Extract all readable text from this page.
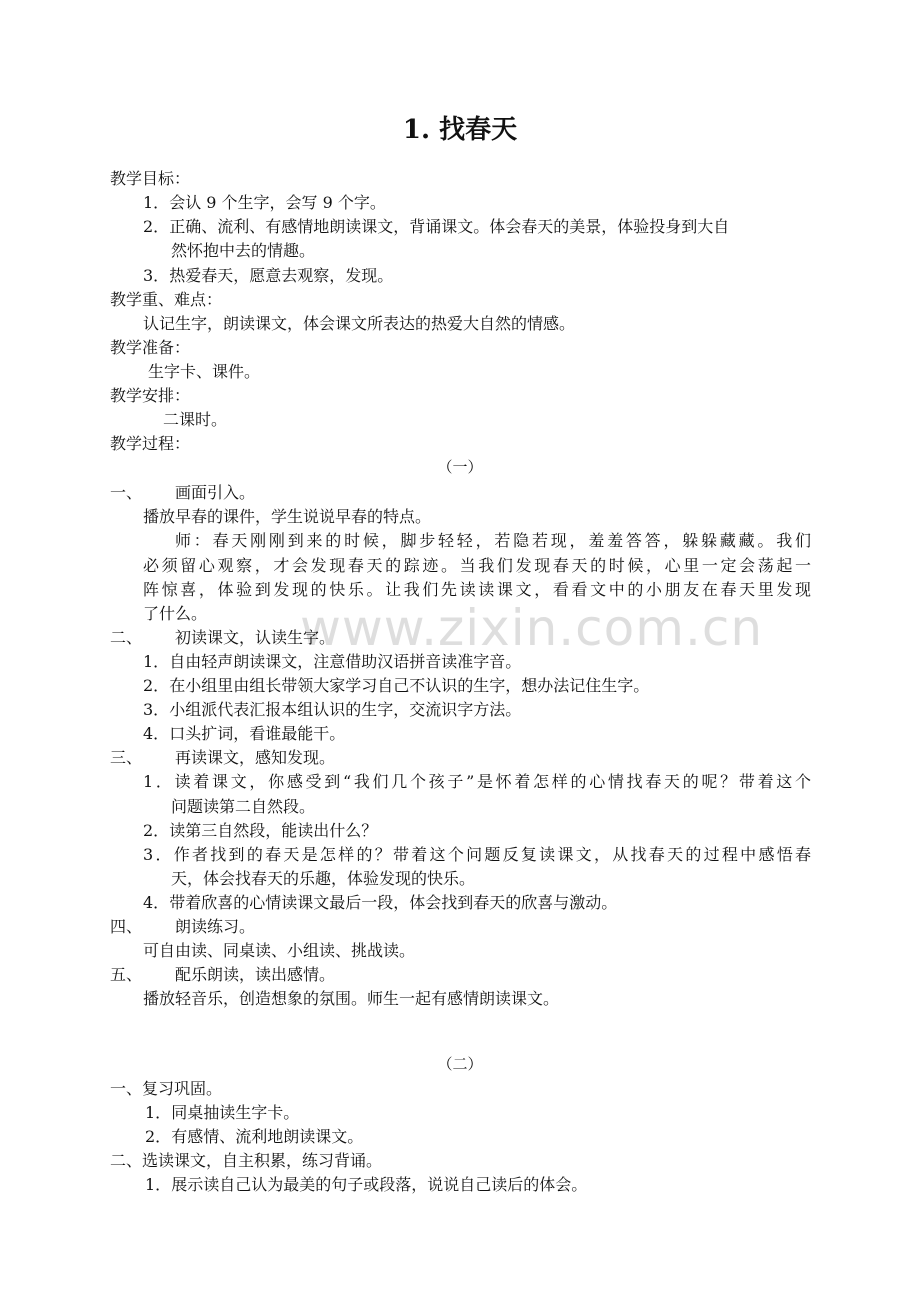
www.zixin.com.cn
1. 找春天
教学目标：
1．会认 9 个生字，会写 9 个字。
2．正确、流利、有感情地朗读课文，背诵课文。体会春天的美景，体验投身到大自
然怀抱中去的情趣。
3．热爱春天，愿意去观察，发现。
教学重、难点：
认记生字，朗读课文，体会课文所表达的热爱大自然的情感。
教学准备：
生字卡、课件。
教学安排：
二课时。
教学过程：
（一）
一、 画面引入。
播放早春的课件，学生说说早春的特点。
师：春天刚刚到来的时候，脚步轻轻，若隐若现，羞羞答答，躲躲藏藏。我们
必须留心观察，才会发现春天的踪迹。当我们发现春天的时候，心里一定会荡起一
阵惊喜，体验到发现的快乐。让我们先读读课文，看看文中的小朋友在春天里发现
了什么。
二、 初读课文，认读生字。
1．自由轻声朗读课文，注意借助汉语拼音读准字音。
2．在小组里由组长带领大家学习自己不认识的生字，想办法记住生字。
3．小组派代表汇报本组认识的生字，交流识字方法。
4．口头扩词，看谁最能干。
三、 再读课文，感知发现。
1．读着课文，你感受到“我们几个孩子”是怀着怎样的心情找春天的呢？带着这个
问题读第二自然段。
2．读第三自然段，能读出什么？
3．作者找到的春天是怎样的？带着这个问题反复读课文，从找春天的过程中感悟春
天，体会找春天的乐趣，体验发现的快乐。
4．带着欣喜的心情读课文最后一段，体会找到春天的欣喜与激动。
四、 朗读练习。
可自由读、同桌读、小组读、挑战读。
五、 配乐朗读，读出感情。
播放轻音乐，创造想象的氛围。师生一起有感情朗读课文。
（二）
一、复习巩固。
1．同桌抽读生字卡。
2．有感情、流利地朗读课文。
二、选读课文，自主积累，练习背诵。
1．展示读自己认为最美的句子或段落，说说自己读后的体会。
